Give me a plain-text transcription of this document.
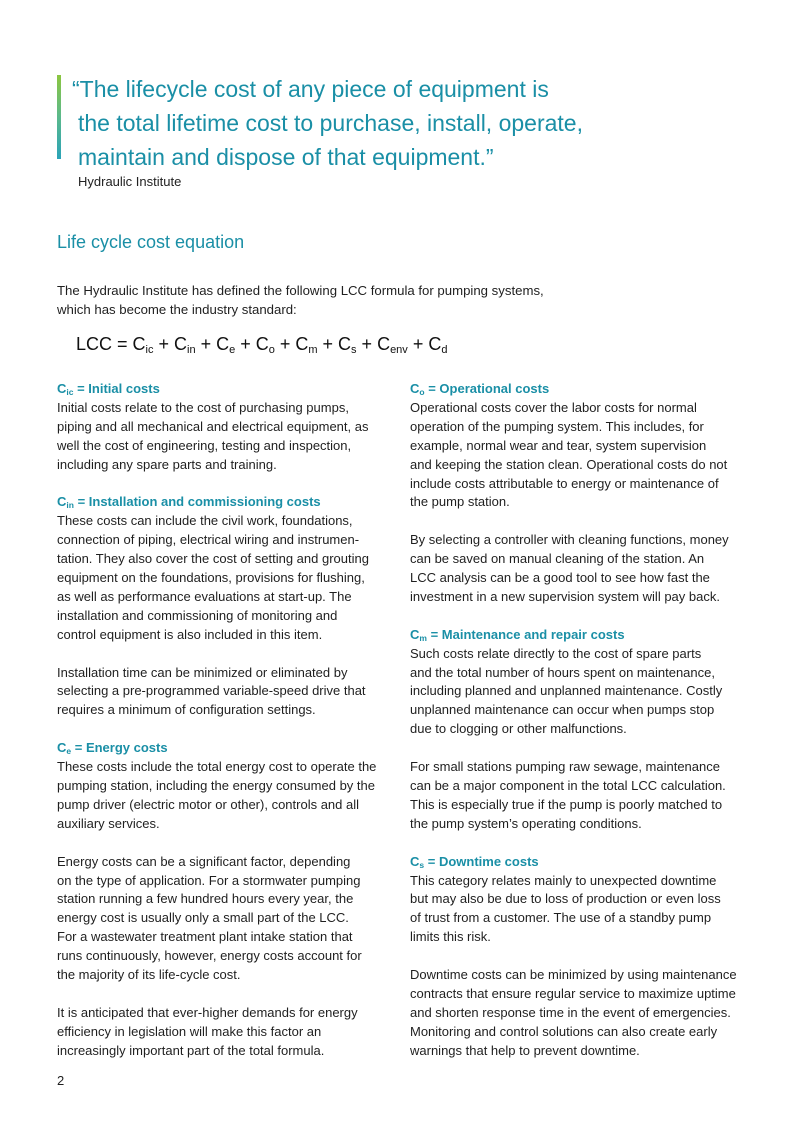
“The lifecycle cost of any piece of equipment is
the total lifetime cost to purchase, install, operate,
maintain and dispose of that equipment.”
Hydraulic Institute
Life cycle cost equation
The Hydraulic Institute has defined the following LCC formula for pumping systems,
which has become the industry standard:
LCC = $C_{ic} + C_{in} + C_e + C_o + C_m + C_s + C_{env} + C_d$
$C_{ic}$ = Initial costs
Initial costs relate to the cost of purchasing pumps,
piping and all mechanical and electrical equipment, as
well the cost of engineering, testing and inspection,
including any spare parts and training.
$C_{in}$ = Installation and commissioning costs
These costs can include the civil work, foundations,
connection of piping, electrical wiring and instrumen-
tation. They also cover the cost of setting and grouting
equipment on the foundations, provisions for flushing,
as well as performance evaluations at start-up. The
installation and commissioning of monitoring and
control equipment is also included in this item.
Installation time can be minimized or eliminated by
selecting a pre-programmed variable-speed drive that
requires a minimum of configuration settings.
$C_e$ = Energy costs
These costs include the total energy cost to operate the
pumping station, including the energy consumed by the
pump driver (electric motor or other), controls and all
auxiliary services.
Energy costs can be a significant factor, depending
on the type of application. For a stormwater pumping
station running a few hundred hours every year, the
energy cost is usually only a small part of the LCC.
For a wastewater treatment plant intake station that
runs continuously, however, energy costs account for
the majority of its life-cycle cost.
It is anticipated that ever-higher demands for energy
efficiency in legislation will make this factor an
increasingly important part of the total formula.
$C_o$ = Operational costs
Operational costs cover the labor costs for normal
operation of the pumping system. This includes, for
example, normal wear and tear, system supervision
and keeping the station clean. Operational costs do not
include costs attributable to energy or maintenance of
the pump station.
By selecting a controller with cleaning functions, money
can be saved on manual cleaning of the station. An
LCC analysis can be a good tool to see how fast the
investment in a new supervision system will pay back.
$C_m$ = Maintenance and repair costs
Such costs relate directly to the cost of spare parts
and the total number of hours spent on maintenance,
including planned and unplanned maintenance. Costly
unplanned maintenance can occur when pumps stop
due to clogging or other malfunctions.
For small stations pumping raw sewage, maintenance
can be a major component in the total LCC calculation.
This is especially true if the pump is poorly matched to
the pump system’s operating conditions.
$C_s$ = Downtime costs
This category relates mainly to unexpected downtime
but may also be due to loss of production or even loss
of trust from a customer. The use of a standby pump
limits this risk.
Downtime costs can be minimized by using maintenance
contracts that ensure regular service to maximize uptime
and shorten response time in the event of emergencies.
Monitoring and control solutions can also create early
warnings that help to prevent downtime.
2
